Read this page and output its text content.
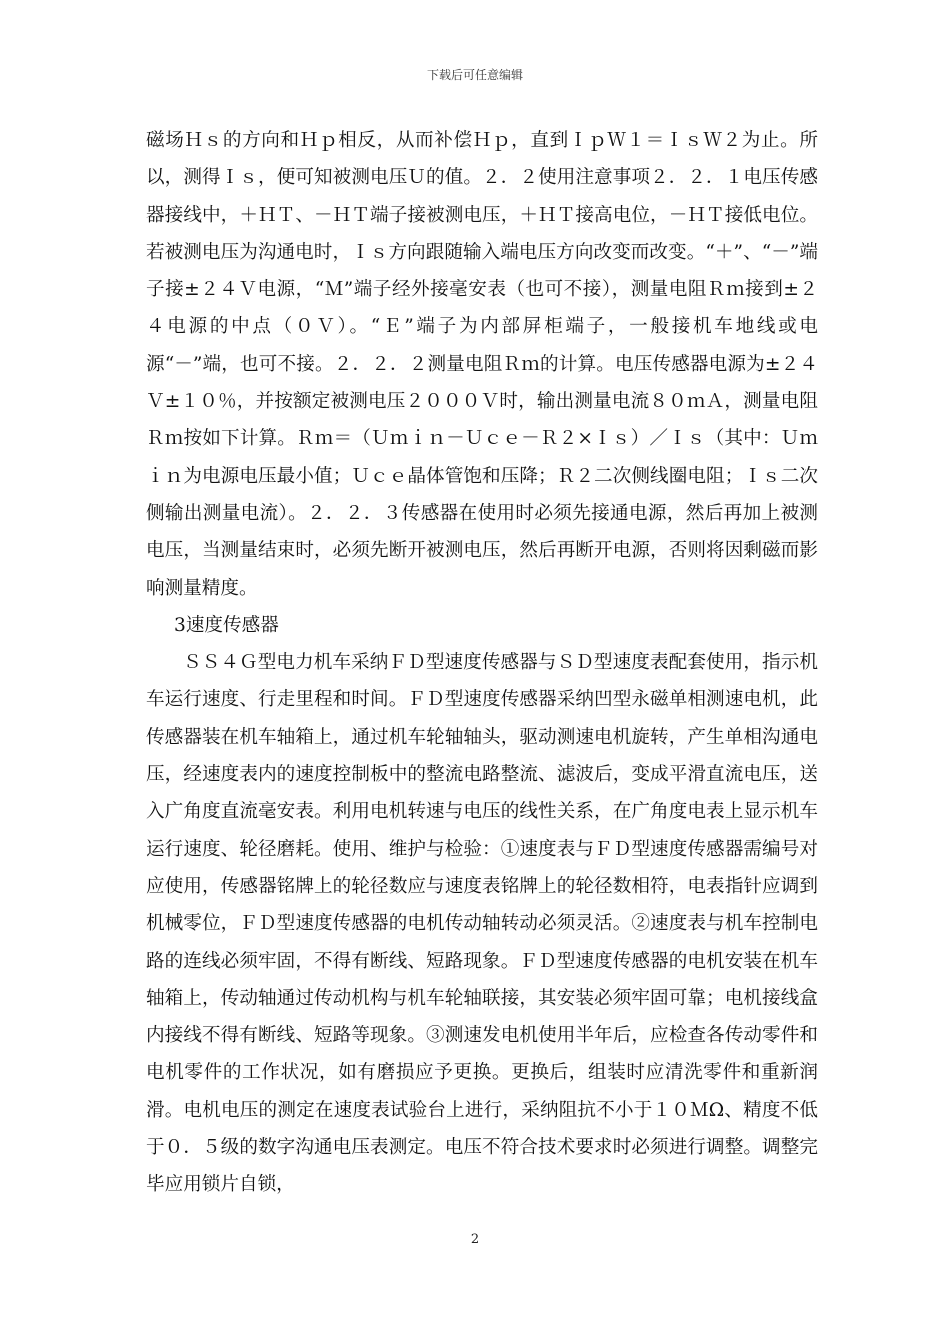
下载后可任意编辑

磁场Ｈｓ的方向和Ｈｐ相反，从而补偿Ｈｐ，直到ＩｐＷ１＝ＩｓＷ２为止。所以，测得Ｉｓ，便可知被测电压Ｕ的值。２．２使用注意事项２．２．１电压传感器接线中，＋ＨＴ、－ＨＴ端子接被测电压，＋ＨＴ接高电位，－ＨＴ接低电位。若被测电压为沟通电时，Ｉｓ方向跟随输入端电压方向改变而改变。“＋”、“－”端子接±２４Ｖ电源，“Ｍ”端子经外接毫安表（也可不接），测量电阻Ｒｍ接到±２４电源的中点（０Ｖ）。“Ｅ”端子为内部屏柜端子，一般接机车地线或电源“－”端，也可不接。２．２．２测量电阻Ｒｍ的计算。电压传感器电源为±２４Ｖ±１０％，并按额定被测电压２０００Ｖ时，输出测量电流８０ｍＡ，测量电阻Ｒｍ按如下计算。Ｒｍ＝（Ｕｍｉｎ－Ｕｃｅ－Ｒ２×Ｉｓ）／Ｉｓ（其中：Ｕｍｉｎ为电源电压最小值；Ｕｃｅ晶体管饱和压降；Ｒ２二次侧线圈电阻；Ｉｓ二次侧输出测量电流）。２．２．３传感器在使用时必须先接通电源，然后再加上被测电压，当测量结束时，必须先断开被测电压，然后再断开电源，否则将因剩磁而影响测量精度。

3速度传感器

ＳＳ４Ｇ型电力机车采纳ＦＤ型速度传感器与ＳＤ型速度表配套使用，指示机车运行速度、行走里程和时间。ＦＤ型速度传感器采纳凹型永磁单相测速电机，此传感器装在机车轴箱上，通过机车轮轴轴头，驱动测速电机旋转，产生单相沟通电压，经速度表内的速度控制板中的整流电路整流、滤波后，变成平滑直流电压，送入广角度直流毫安表。利用电机转速与电压的线性关系，在广角度电表上显示机车运行速度、轮径磨耗。使用、维护与检验：①速度表与ＦＤ型速度传感器需编号对应使用，传感器铭牌上的轮径数应与速度表铭牌上的轮径数相符，电表指针应调到机械零位，ＦＤ型速度传感器的电机传动轴转动必须灵活。②速度表与机车控制电路的连线必须牢固，不得有断线、短路现象。ＦＤ型速度传感器的电机安装在机车轴箱上，传动轴通过传动机构与机车轮轴联接，其安装必须牢固可靠；电机接线盒内接线不得有断线、短路等现象。③测速发电机使用半年后，应检查各传动零件和电机零件的工作状况，如有磨损应予更换。更换后，组装时应清洗零件和重新润滑。电机电压的测定在速度表试验台上进行，采纳阻抗不小于１０ＭΩ、精度不低于０．５级的数字沟通电压表测定。电压不符合技术要求时必须进行调整。调整完毕应用锁片自锁，

2
